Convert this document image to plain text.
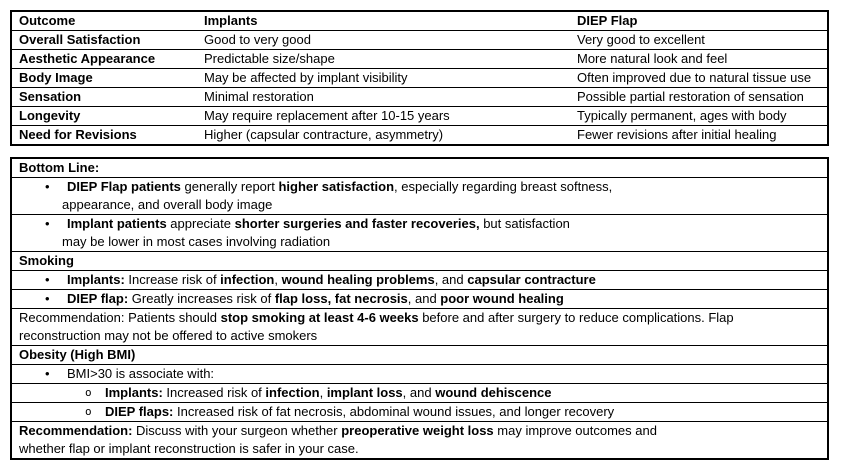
Outcome	Implants	DIEP Flap
Overall Satisfaction	Good to very good	Very good to excellent
Aesthetic Appearance	Predictable size/shape	More natural look and feel
Body Image	May be affected by implant visibility	Often improved due to natural tissue use
Sensation	Minimal restoration	Possible partial restoration of sensation
Longevity	May require replacement after 10-15 years	Typically permanent, ages with body
Need for Revisions	Higher (capsular contracture, asymmetry)	Fewer revisions after initial healing
Bottom Line:
• DIEP Flap patients generally report higher satisfaction, especially regarding breast softness,
appearance, and overall body image
• Implant patients appreciate shorter surgeries and faster recoveries, but satisfaction
may be lower in most cases involving radiation
Smoking
• Implants: Increase risk of infection, wound healing problems, and capsular contracture
• DIEP flap: Greatly increases risk of flap loss, fat necrosis, and poor wound healing
Recommendation: Patients should stop smoking at least 4-6 weeks before and after surgery to reduce complications. Flap
reconstruction may not be offered to active smokers
Obesity (High BMI)
• BMI>30 is associate with:
o Implants: Increased risk of infection, implant loss, and wound dehiscence
o DIEP flaps: Increased risk of fat necrosis, abdominal wound issues, and longer recovery
Recommendation: Discuss with your surgeon whether preoperative weight loss may improve outcomes and
whether flap or implant reconstruction is safer in your case.
